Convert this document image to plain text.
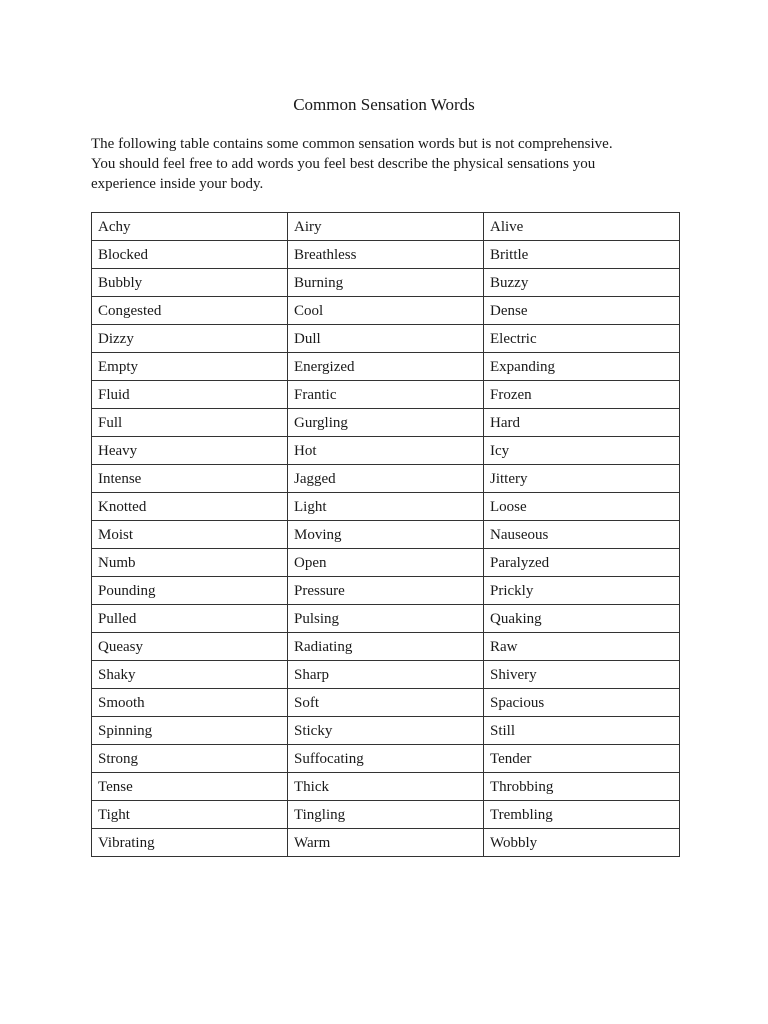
Common Sensation Words

The following table contains some common sensation words but is not comprehensive.
You should feel free to add words you feel best describe the physical sensations you
experience inside your body.

Achy	Airy	Alive
Blocked	Breathless	Brittle
Bubbly	Burning	Buzzy
Congested	Cool	Dense
Dizzy	Dull	Electric
Empty	Energized	Expanding
Fluid	Frantic	Frozen
Full	Gurgling	Hard
Heavy	Hot	Icy
Intense	Jagged	Jittery
Knotted	Light	Loose
Moist	Moving	Nauseous
Numb	Open	Paralyzed
Pounding	Pressure	Prickly
Pulled	Pulsing	Quaking
Queasy	Radiating	Raw
Shaky	Sharp	Shivery
Smooth	Soft	Spacious
Spinning	Sticky	Still
Strong	Suffocating	Tender
Tense	Thick	Throbbing
Tight	Tingling	Trembling
Vibrating	Warm	Wobbly
